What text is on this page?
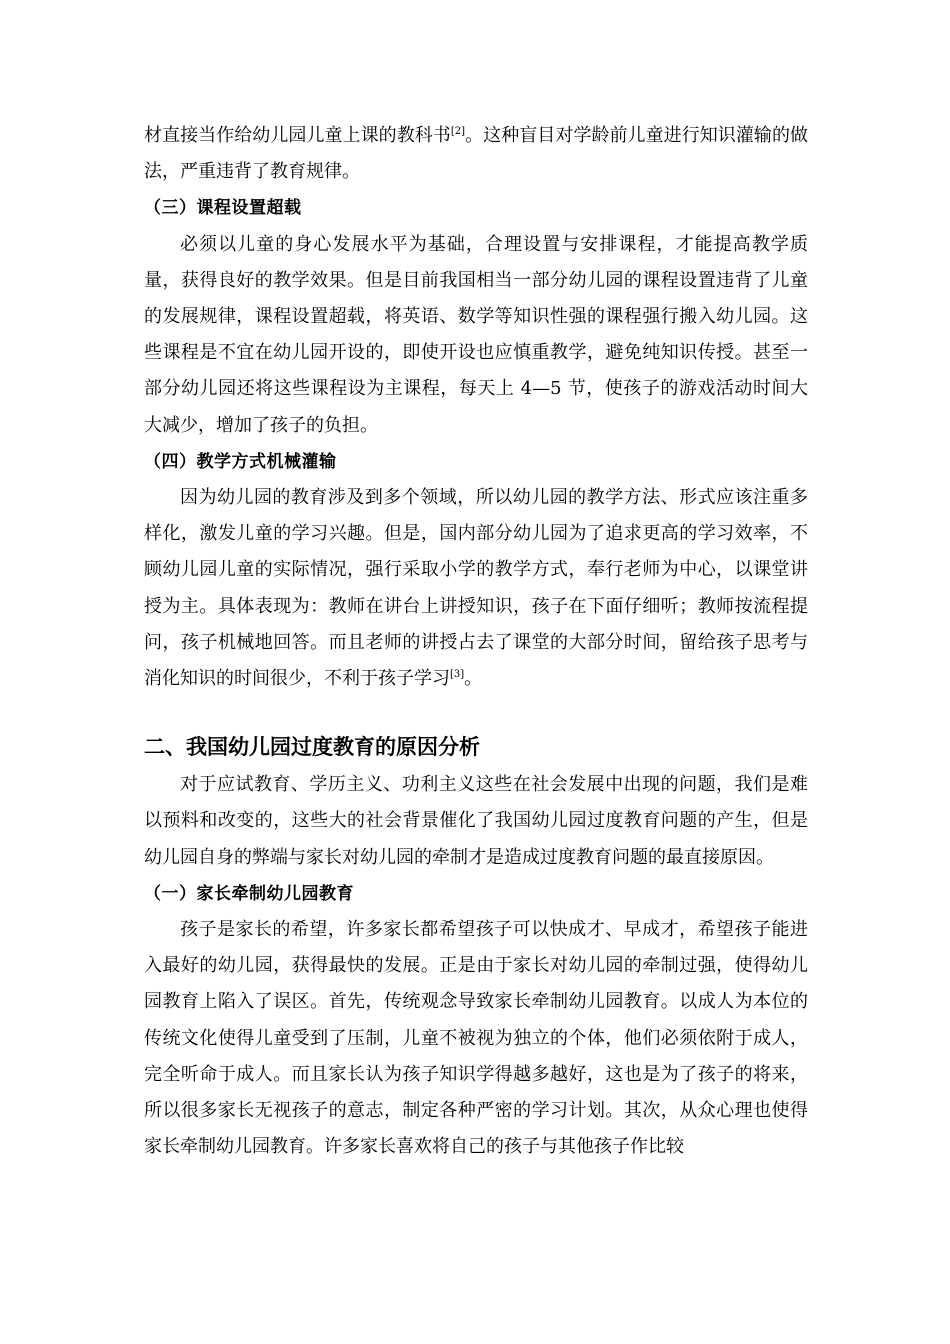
材直接当作给幼儿园儿童上课的教科书[2]。这种盲目对学龄前儿童进行知识灌输的做法，严重违背了教育规律。

（三）课程设置超载

必须以儿童的身心发展水平为基础，合理设置与安排课程，才能提高教学质量，获得良好的教学效果。但是目前我国相当一部分幼儿园的课程设置违背了儿童的发展规律，课程设置超载，将英语、数学等知识性强的课程强行搬入幼儿园。这些课程是不宜在幼儿园开设的，即使开设也应慎重教学，避免纯知识传授。甚至一部分幼儿园还将这些课程设为主课程，每天上 4—5 节，使孩子的游戏活动时间大大减少，增加了孩子的负担。

（四）教学方式机械灌输

因为幼儿园的教育涉及到多个领域，所以幼儿园的教学方法、形式应该注重多样化，激发儿童的学习兴趣。但是，国内部分幼儿园为了追求更高的学习效率，不顾幼儿园儿童的实际情况，强行采取小学的教学方式，奉行老师为中心，以课堂讲授为主。具体表现为：教师在讲台上讲授知识，孩子在下面仔细听；教师按流程提问，孩子机械地回答。而且老师的讲授占去了课堂的大部分时间，留给孩子思考与消化知识的时间很少，不利于孩子学习[3]。

二、我国幼儿园过度教育的原因分析

对于应试教育、学历主义、功利主义这些在社会发展中出现的问题，我们是难以预料和改变的，这些大的社会背景催化了我国幼儿园过度教育问题的产生，但是幼儿园自身的弊端与家长对幼儿园的牵制才是造成过度教育问题的最直接原因。

（一）家长牵制幼儿园教育

孩子是家长的希望，许多家长都希望孩子可以快成才、早成才，希望孩子能进入最好的幼儿园，获得最快的发展。正是由于家长对幼儿园的牵制过强，使得幼儿园教育上陷入了误区。首先，传统观念导致家长牵制幼儿园教育。以成人为本位的传统文化使得儿童受到了压制，儿童不被视为独立的个体，他们必须依附于成人，完全听命于成人。而且家长认为孩子知识学得越多越好，这也是为了孩子的将来，所以很多家长无视孩子的意志，制定各种严密的学习计划。其次，从众心理也使得家长牵制幼儿园教育。许多家长喜欢将自己的孩子与其他孩子作比较
